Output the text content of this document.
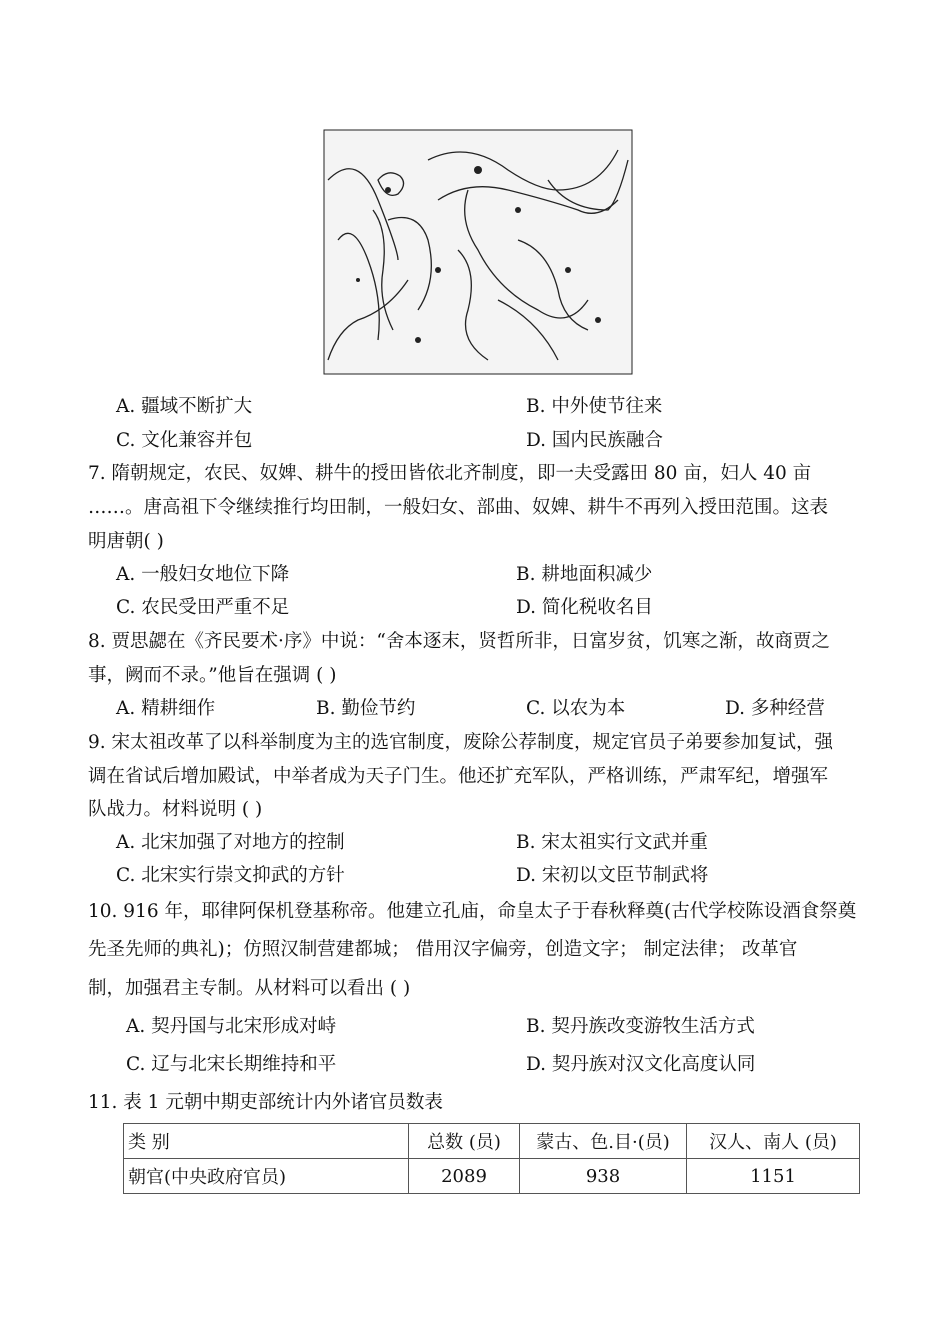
A. 疆域不断扩大	B. 中外使节往来
C. 文化兼容并包	D. 国内民族融合
7. 隋朝规定，农民、奴婢、耕牛的授田皆依北齐制度，即一夫受露田 80 亩，妇人 40 亩
……。唐高祖下令继续推行均田制，一般妇女、部曲、奴婢、耕牛不再列入授田范围。这表
明唐朝( )
A. 一般妇女地位下降	B. 耕地面积减少
C. 农民受田严重不足	D. 简化税收名目
8. 贾思勰在《齐民要术·序》中说：“舍本逐末，贤哲所非，日富岁贫，饥寒之渐，故商贾之
事，阙而不录。”他旨在强调 ( )
A. 精耕细作	B. 勤俭节约	C. 以农为本	D. 多种经营
9. 宋太祖改革了以科举制度为主的选官制度，废除公荐制度，规定官员子弟要参加复试，强
调在省试后增加殿试，中举者成为天子门生。他还扩充军队，严格训练，严肃军纪，增强军
队战力。材料说明 ( )
A. 北宋加强了对地方的控制	B. 宋太祖实行文武并重
C. 北宋实行崇文抑武的方针	D. 宋初以文臣节制武将
10. 916 年，耶律阿保机登基称帝。他建立孔庙，命皇太子于春秋释奠(古代学校陈设酒食祭奠
先圣先师的典礼)；仿照汉制营建都城； 借用汉字偏旁，创造文字； 制定法律； 改革官
制，加强君主专制。从材料可以看出 ( )
A. 契丹国与北宋形成对峙	B. 契丹族改变游牧生活方式
C. 辽与北宋长期维持和平	D. 契丹族对汉文化高度认同
11. 表 1 元朝中期吏部统计内外诸官员数表
类 别	总数 (员)	蒙古、色.目·(员)	汉人、南人 (员)
朝官(中央政府官员)	2089	938	1151
